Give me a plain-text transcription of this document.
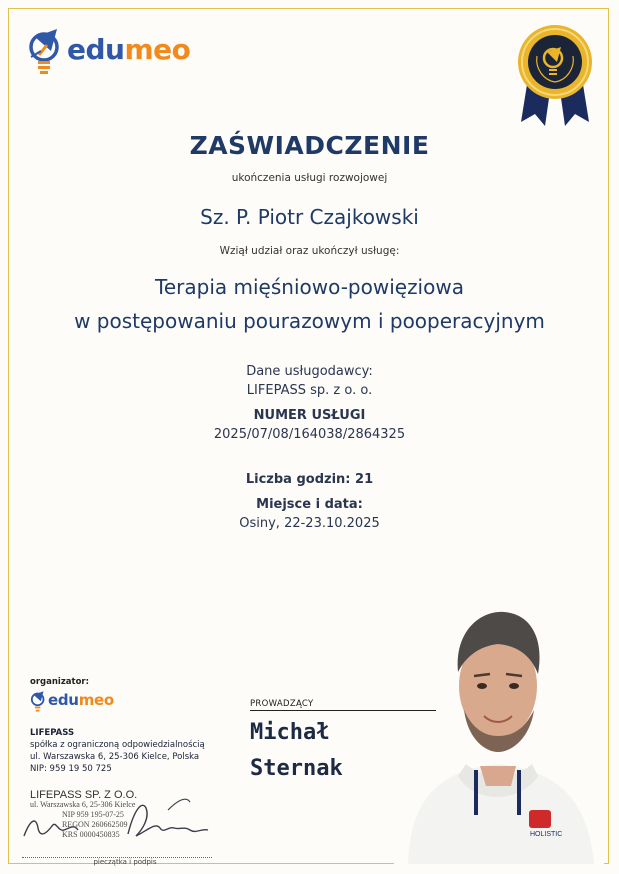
edumeo
ZAŚWIADCZENIE
ukończenia usługi rozwojowej
Sz. P. Piotr Czajkowski
Wziął udział oraz ukończył usługę:
Terapia mięśniowo-powięziowa
w postępowaniu pourazowym i pooperacyjnym
Dane usługodawcy:
LIFEPASS sp. z o. o.
NUMER USŁUGI
2025/07/08/164038/2864325
Liczba godzin: 21
Miejsce i data:
Osiny, 22-23.10.2025
HOLISTIC
organizator:
edumeo
LIFEPASS
spółka z ograniczoną odpowiedzialnością
ul. Warszawska 6, 25-306 Kielce, Polska
NIP: 959 19 50 725
LIFEPASS SP. Z O.O.
ul. Warszawska 6, 25-306 Kielce
NIP 959 195-07-25
REGON 260662509
KRS 0000450835
pieczątka i podpis
PROWADZĄCY
Michał
Sternak
